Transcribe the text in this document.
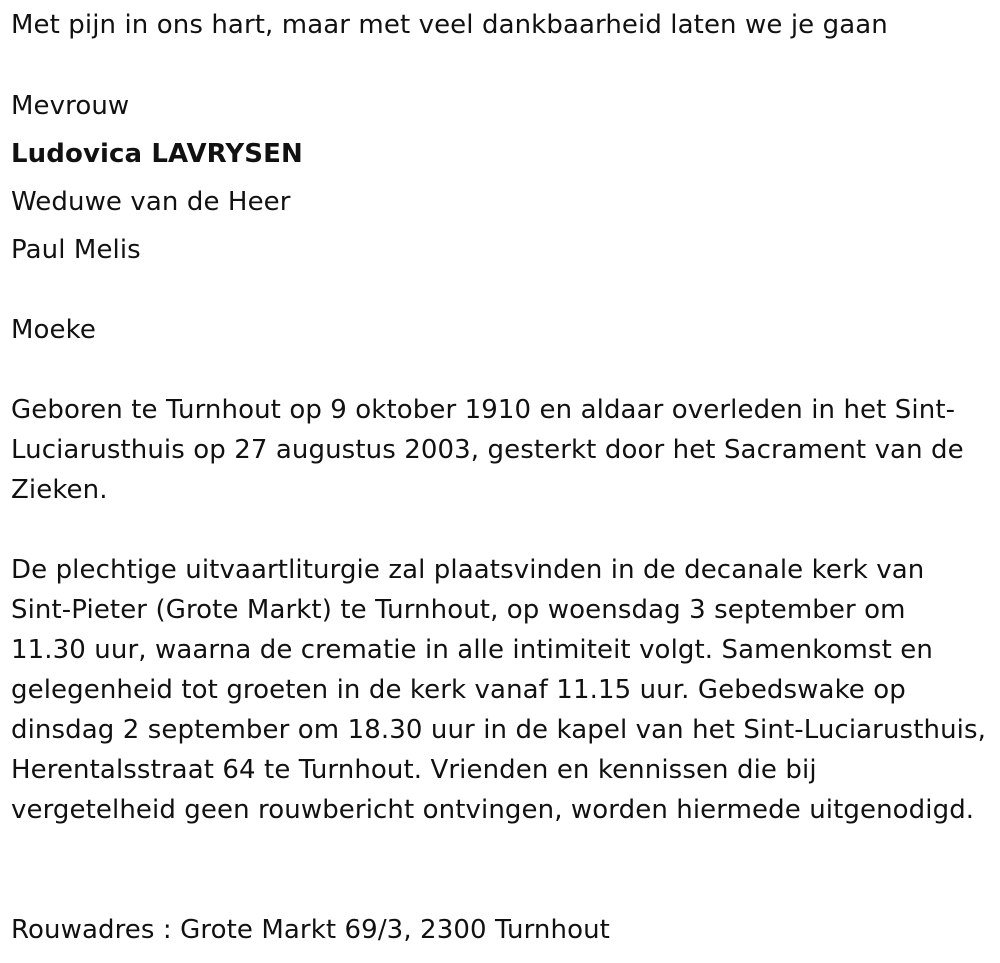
Met pijn in ons hart, maar met veel dankbaarheid laten we je gaan
Mevrouw
Ludovica LAVRYSEN
Weduwe van de Heer
Paul Melis
Moeke
Geboren te Turnhout op 9 oktober 1910 en aldaar overleden in het Sint-Luciarusthuis op 27 augustus 2003, gesterkt door het Sacrament van de Zieken.
De plechtige uitvaartliturgie zal plaatsvinden in de decanale kerk van Sint-Pieter (Grote Markt) te Turnhout, op woensdag 3 september om 11.30 uur, waarna de crematie in alle intimiteit volgt. Samenkomst en gelegenheid tot groeten in de kerk vanaf 11.15 uur. Gebedswake op dinsdag 2 september om 18.30 uur in de kapel van het Sint-Luciarusthuis, Herentalsstraat 64 te Turnhout. Vrienden en kennissen die bij vergetelheid geen rouwbericht ontvingen, worden hiermede uitgenodigd.
Rouwadres : Grote Markt 69/3, 2300 Turnhout
